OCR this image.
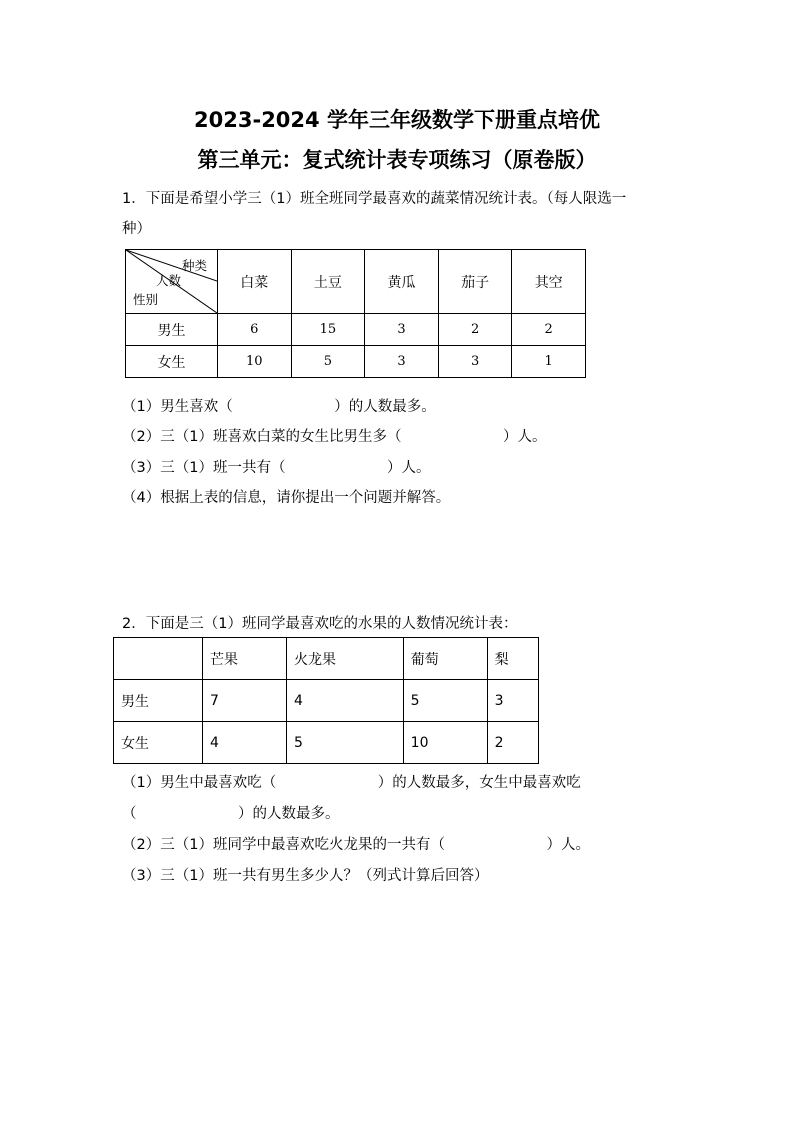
2023-2024 学年三年级数学下册重点培优
第三单元：复式统计表专项练习（原卷版）
1．下面是希望小学三（1）班全班同学最喜欢的蔬菜情况统计表。（每人限选一
种）
种类
人数
性别	白菜	土豆	黄瓜	茄子	其空
男生	6	15	3	2	2
女生	10	5	3	3	1
（1）男生喜欢（　　　　　　　）的人数最多。
（2）三（1）班喜欢白菜的女生比男生多（　　　　　　　）人。
（3）三（1）班一共有（　　　　　　　）人。
（4）根据上表的信息，请你提出一个问题并解答。
2．下面是三（1）班同学最喜欢吃的水果的人数情况统计表：
	芒果	火龙果	葡萄	梨
男生	7	4	5	3
女生	4	5	10	2
（1）男生中最喜欢吃（　　　　　　　）的人数最多，女生中最喜欢吃
（　　　　　　　）的人数最多。
（2）三（1）班同学中最喜欢吃火龙果的一共有（　　　　　　　）人。
（3）三（1）班一共有男生多少人？（列式计算后回答）
